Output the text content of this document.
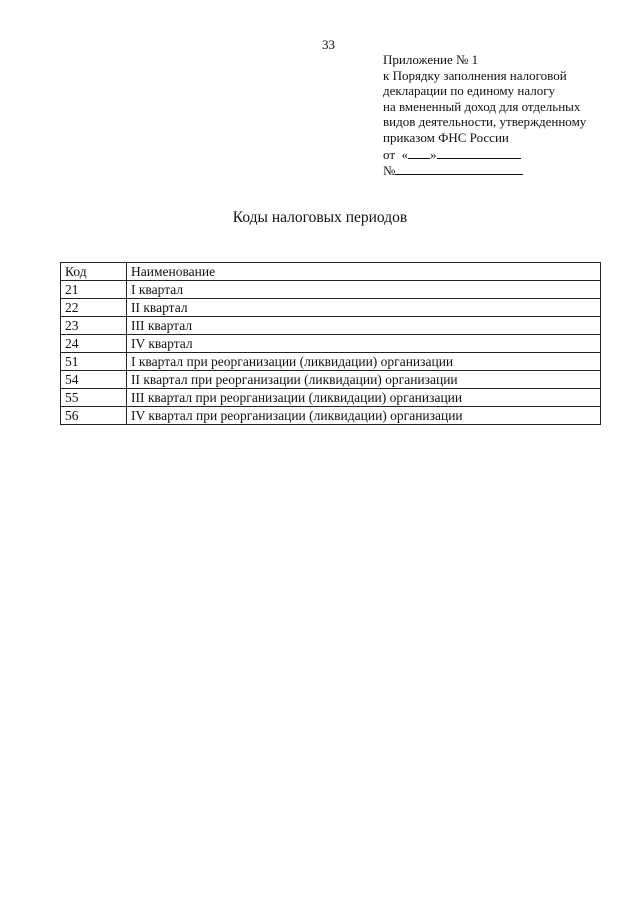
33
Приложение № 1
к Порядку заполнения налоговой
декларации по единому налогу
на вмененный доход для отдельных
видов деятельности, утвержденному
приказом ФНС России
от « »
№
Коды налоговых периодов
Код	Наименование
21	I квартал
22	II квартал
23	III квартал
24	IV квартал
51	I квартал при реорганизации (ликвидации) организации
54	II квартал при реорганизации (ликвидации) организации
55	III квартал при реорганизации (ликвидации) организации
56	IV квартал при реорганизации (ликвидации) организации
